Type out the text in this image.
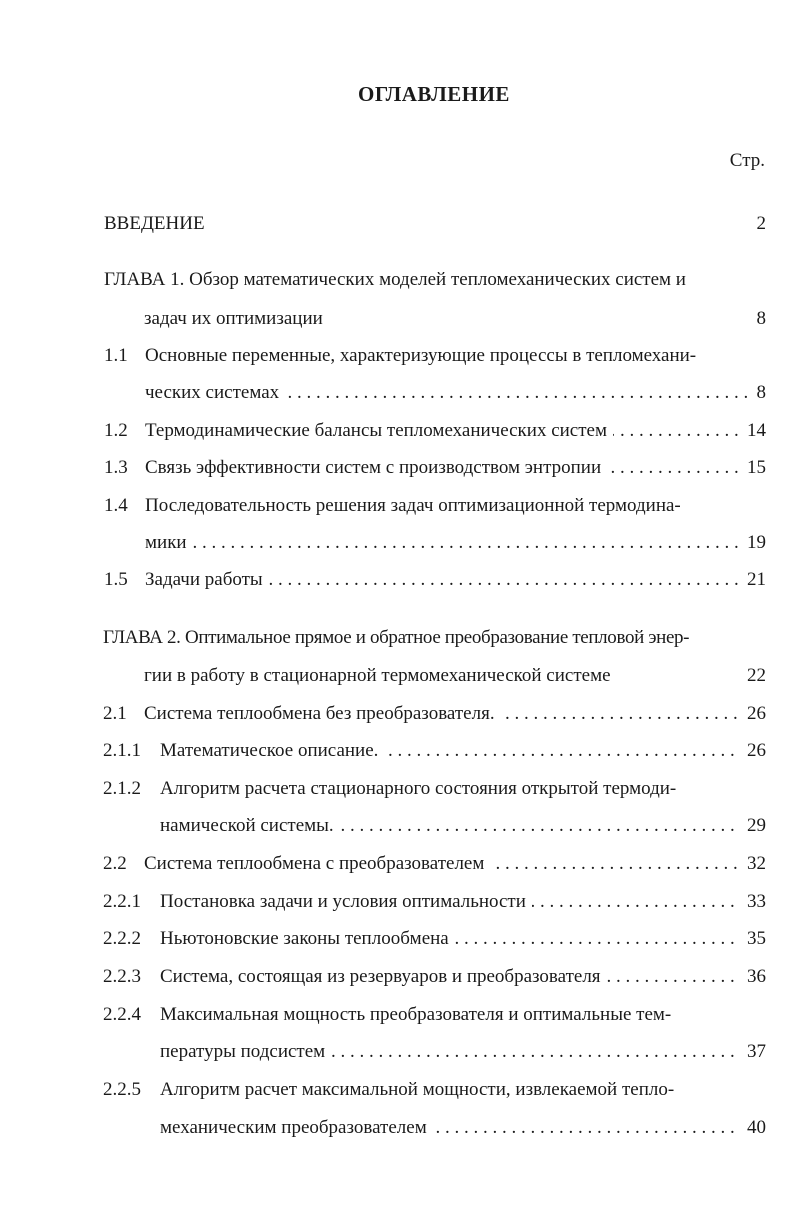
ОГЛАВЛЕНИЕ
Стр.
ВВЕДЕНИЕ	2
ГЛАВА 1. Обзор математических моделей тепломеханических систем и
задач их оптимизации	8
1.1 Основные переменные, характеризующие процессы в тепломехани-
. . .
ческих системах	8
1.2 . . . Термодинамические балансы тепломеханических систем	14
1.3 . . . Связь эффективности систем с производством энтропии	15
1.4 Последовательность решения задач оптимизационной термодина-
. . .
мики	19
1.5 . . . Задачи работы	21
ГЛАВА 2. Оптимальное прямое и обратное преобразование тепловой энер-
гии в работу в стационарной термомеханической системе	22
2.1 . . . Система теплообмена без преобразователя.	26
2.1.1 . . . Математическое описание.	26
2.1.2 Алгоритм расчета стационарного состояния открытой термоди-
. . .
намической системы.	29
2.2 . . . Система теплообмена с преобразователем	32
2.2.1 . . . Постановка задачи и условия оптимальности	33
2.2.2 . . . Ньютоновские законы теплообмена	35
2.2.3 . . . Система, состоящая из резервуаров и преобразователя	36
2.2.4 Максимальная мощность преобразователя и оптимальные тем-
. . .
пературы подсистем	37
2.2.5 Алгоритм расчет максимальной мощности, извлекаемой тепло-
. . .
механическим преобразователем	40
